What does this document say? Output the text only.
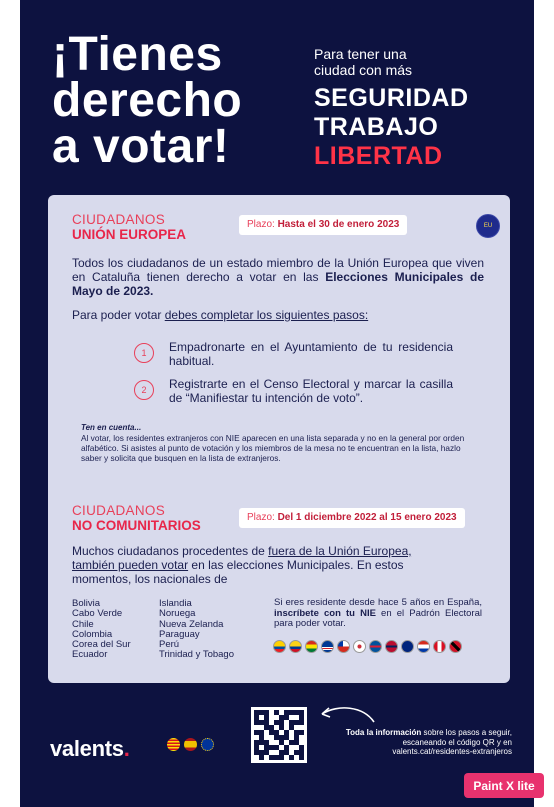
¡Tienes
derecho
a votar!
Para tener una
ciudad con más
SEGURIDAD
TRABAJO
LIBERTAD
CIUDADANOS
UNIÓN EUROPEA
Plazo: Hasta el 30 de enero 2023	EU
Todos los ciudadanos de un estado miembro de la Unión Europea que viven en Cataluña tienen derecho a votar en las Elecciones Municipales de Mayo de 2023.
Para poder votar debes completar los siguientes pasos:
1	Empadronarte en el Ayuntamiento de tu residencia habitual.
2	Registrarte en el Censo Electoral y marcar la casilla de “Manifiestar tu intención de voto”.
Ten en cuenta...
Al votar, los residentes extranjeros con NIE aparecen en una lista separada y no en la general por orden alfabético. Si asistes al punto de votación y los miembros de la mesa no te encuentran en la lista, hazlo saber y solicita que busquen en la lista de extranjeros.
CIUDADANOS
NO COMUNITARIOS
Plazo: Del 1 diciembre 2022 al 15 enero 2023
Muchos ciudadanos procedentes de fuera de la Unión Europea, también pueden votar en las elecciones Municipales. En estos momentos, los nacionales de
Bolivia
Cabo Verde
Chile
Colombia
Corea del Sur
Ecuador
Islandia
Noruega
Nueva Zelanda
Paraguay
Perú
Trinidad y Tobago
Si eres residente desde hace 5 años en España, inscríbete con tu NIE en el Padrón Electoral para poder votar.
valents.
Toda la información sobre los pasos a seguir, escaneando el código QR y en valents.cat/residentes-extranjeros
Paint X lite
